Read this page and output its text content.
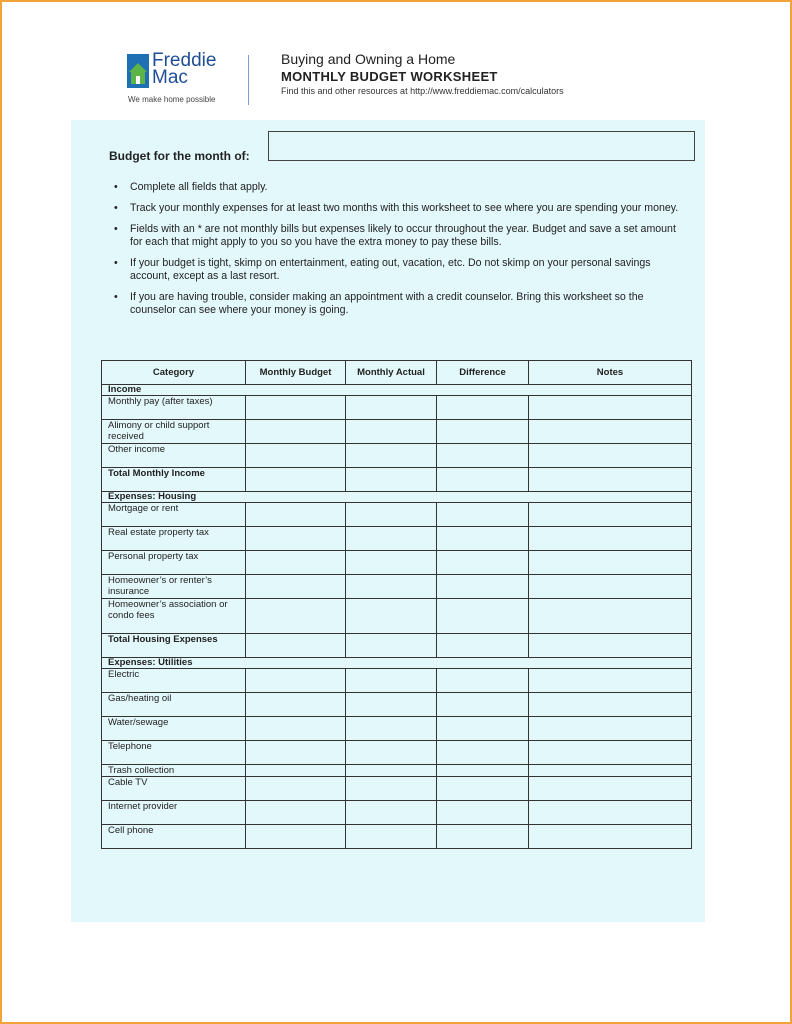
Freddie
Mac
We make home possible
Buying and Owning a Home
MONTHLY BUDGET WORKSHEET
Find this and other resources at http://www.freddiemac.com/calculators
Budget for the month of:
• Complete all fields that apply.
• Track your monthly expenses for at least two months with this worksheet to see where you are spending your money.
• Fields with an * are not monthly bills but expenses likely to occur throughout the year. Budget and save a set amount for each that might apply to you so you have the extra money to pay these bills.
• If your budget is tight, skimp on entertainment, eating out, vacation, etc. Do not skimp on your personal savings account, except as a last resort.
• If you are having trouble, consider making an appointment with a credit counselor. Bring this worksheet so the counselor can see where your money is going.
Category	Monthly Budget	Monthly Actual	Difference	Notes
Income				
Monthly pay (after taxes)				
Alimony or child support received				
Other income				
Total Monthly Income				
Expenses: Housing				
Mortgage or rent				
Real estate property tax				
Personal property tax				
Homeowner’s or renter’s insurance				
Homeowner’s association or condo fees				
Total Housing Expenses				
Expenses: Utilities				
Electric				
Gas/heating oil				
Water/sewage				
Telephone				
Trash collection				
Cable TV				
Internet provider				
Cell phone				
